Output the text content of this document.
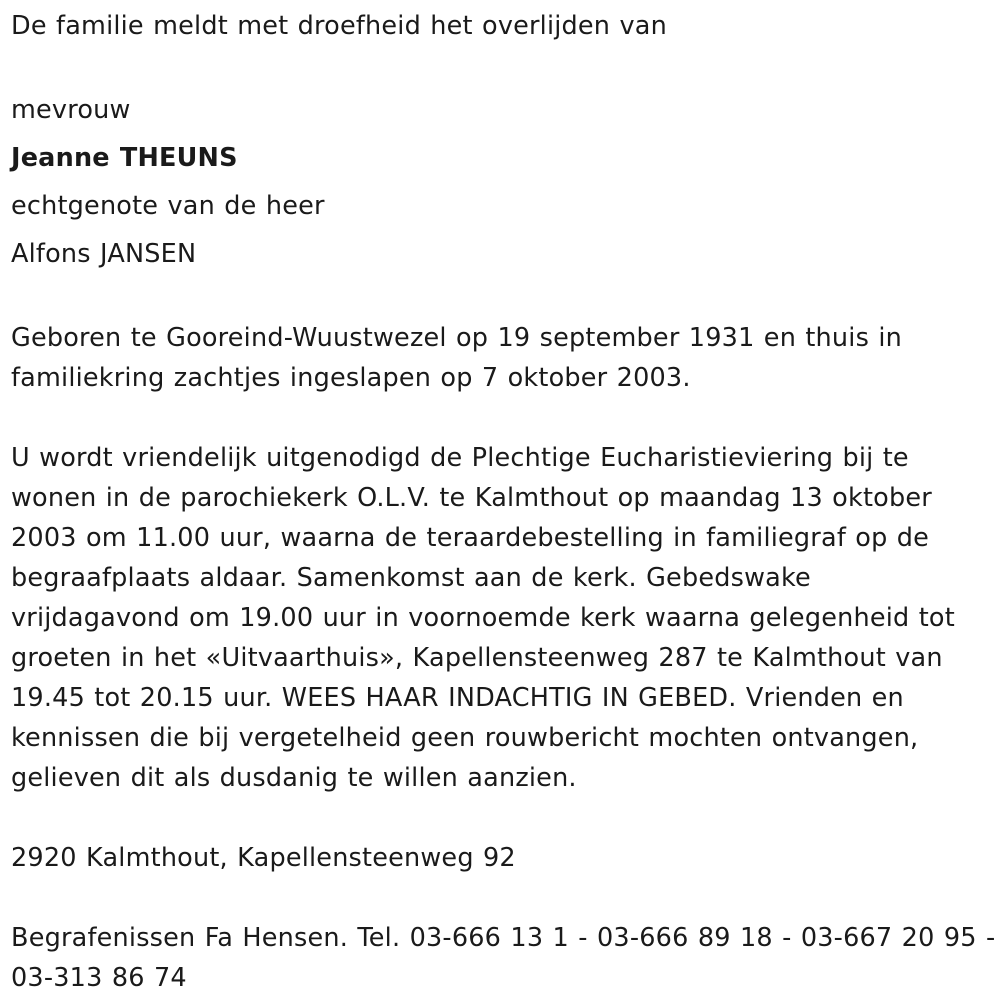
De familie meldt met droefheid het overlijden van
mevrouw
Jeanne THEUNS
echtgenote van de heer
Alfons JANSEN
Geboren te Gooreind-Wuustwezel op 19 september 1931 en thuis in
familiekring zachtjes ingeslapen op 7 oktober 2003.
U wordt vriendelijk uitgenodigd de Plechtige Eucharistieviering bij te
wonen in de parochiekerk O.L.V. te Kalmthout op maandag 13 oktober
2003 om 11.00 uur, waarna de teraardebestelling in familiegraf op de
begraafplaats aldaar. Samenkomst aan de kerk. Gebedswake
vrijdagavond om 19.00 uur in voornoemde kerk waarna gelegenheid tot
groeten in het «Uitvaarthuis», Kapellensteenweg 287 te Kalmthout van
19.45 tot 20.15 uur. WEES HAAR INDACHTIG IN GEBED. Vrienden en
kennissen die bij vergetelheid geen rouwbericht mochten ontvangen,
gelieven dit als dusdanig te willen aanzien.
2920 Kalmthout, Kapellensteenweg 92
Begrafenissen Fa Hensen. Tel. 03-666 13 1 - 03-666 89 18 - 03-667 20 95 -
03-313 86 74
